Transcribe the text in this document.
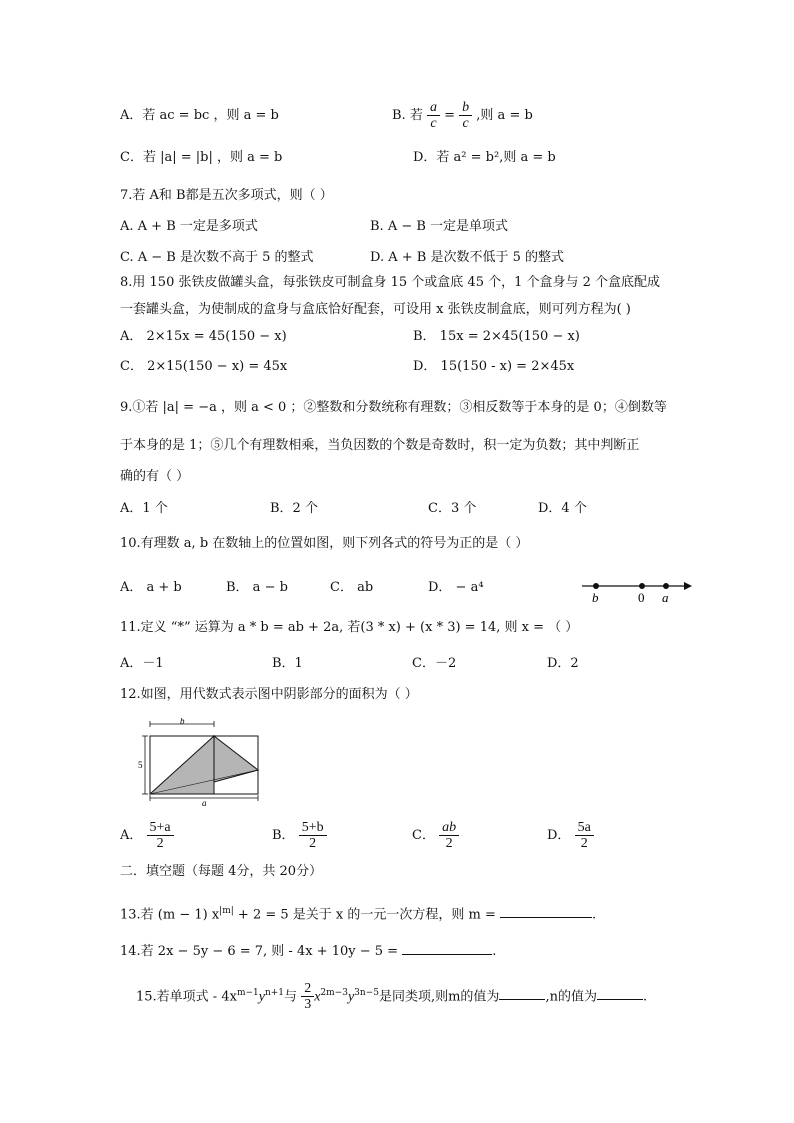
A．若 ac = bc ，则 a = b	B. 若 $\frac{a}{c} = \frac{b}{c}$ ,则 a = b
C．若 |a| = |b| ，则 a = b	D．若 a² = b²,则 a = b
7.若 A和 B都是五次多项式，则（ ）
A. A + B 一定是多项式	B. A − B 一定是单项式
C. A − B 是次数不高于 5 的整式	D. A + B 是次数不低于 5 的整式
8.用 150 张铁皮做罐头盒，每张铁皮可制盒身 15 个或盒底 45 个，1 个盒身与 2 个盒底配成
一套罐头盒，为使制成的盒身与盒底恰好配套，可设用 x 张铁皮制盒底，则可列方程为( )
A． 2×15x = 45(150 − x)	B． 15x = 2×45(150 − x)
C． 2×15(150 − x) = 45x	D． 15(150 - x) = 2×45x
9.①若 |a| = −a ，则 a < 0 ；②整数和分数统称有理数；③相反数等于本身的是 0；④倒数等
于本身的是 1；⑤几个有理数相乘，当负因数的个数是奇数时，积一定为负数；其中判断正
确的有（ ）
A．1 个	B．2 个	C．3 个	D．4 个
10.有理数 a, b 在数轴上的位置如图，则下列各式的符号为正的是（ ）
A． a + b	B． a − b	C． ab	D． − a⁴
b	0 a
11.定义 “*” 运算为 a * b = ab + 2a, 若(3 * x) + (x * 3) = 14, 则 x = （ ）
A．－1	B．1	C．－2	D．2
12.如图，用代数式表示图中阴影部分的面积为（ ）
b
5
a
A． $\frac{5+a}{2}$	B． $\frac{5+b}{2}$	C． $\frac{ab}{2}$	D． $\frac{5a}{2}$
二．填空题（每题 4分，共 20分）
13.若 (m − 1) $x^{|m|} + 2 = 5$ 是关于 x 的一元一次方程，则 m =	.
14.若 2x − 5y − 6 = 7, 则 - 4x + 10y − 5 =	.
15.若单项式 - $4x^{m-1}y^{n+1}$与 $\frac{2}{3} x^{2m-3}y^{3n-5}$是同类项,则m的值为	,n的值为	.
